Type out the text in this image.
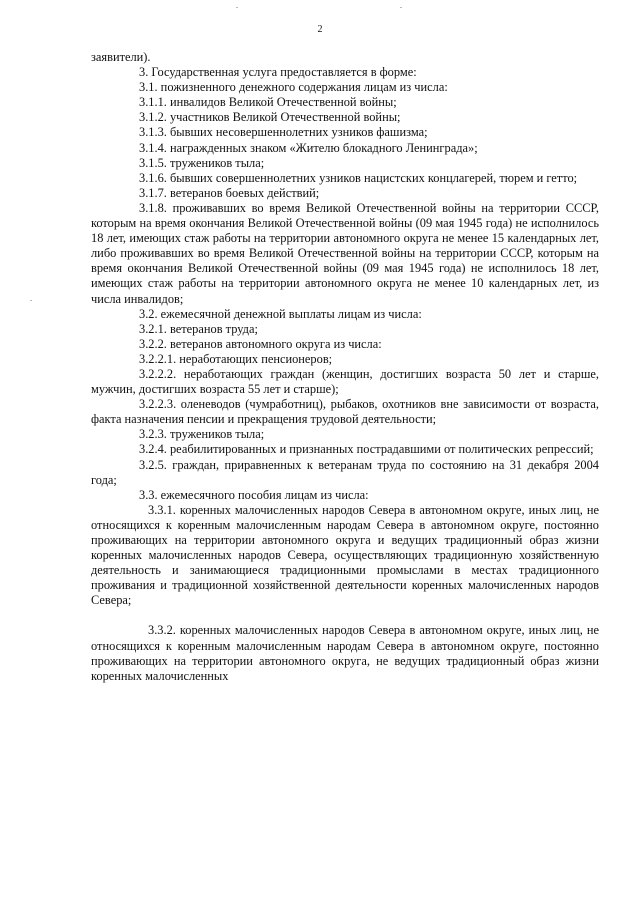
2

заявители).

3. Государственная услуга предоставляется в форме:

3.1. пожизненного денежного содержания лицам из числа:

3.1.1. инвалидов Великой Отечественной войны;

3.1.2. участников Великой Отечественной войны;

3.1.3. бывших несовершеннолетних узников фашизма;

3.1.4. награжденных знаком «Жителю блокадного Ленинграда»;

3.1.5. тружеников тыла;

3.1.6. бывших совершеннолетних узников нацистских концлагерей, тюрем и гетто;

3.1.7. ветеранов боевых действий;

3.1.8. проживавших во время Великой Отечественной войны на территории СССР, которым на время окончания Великой Отечественной войны (09 мая 1945 года) не исполнилось 18 лет, имеющих стаж работы на территории автономного округа не менее 15 календарных лет, либо проживавших во время Великой Отечественной войны на территории СССР, которым на время окончания Великой Отечественной войны (09 мая 1945 года) не исполнилось 18 лет, имеющих стаж работы на территории автономного округа не менее 10 календарных лет, из числа инвалидов;

3.2. ежемесячной денежной выплаты лицам из числа:

3.2.1. ветеранов труда;

3.2.2. ветеранов автономного округа из числа:

3.2.2.1. неработающих пенсионеров;

3.2.2.2. неработающих граждан (женщин, достигших возраста 50 лет и старше, мужчин, достигших возраста 55 лет и старше);

3.2.2.3. оленеводов (чумработниц), рыбаков, охотников вне зависимости от возраста, факта назначения пенсии и прекращения трудовой деятельности;

3.2.3. тружеников тыла;

3.2.4. реабилитированных и признанных пострадавшими от политических репрессий;

3.2.5. граждан, приравненных к ветеранам труда по состоянию на 31 декабря 2004 года;

3.3. ежемесячного пособия лицам из числа:

3.3.1. коренных малочисленных народов Севера в автономном округе, иных лиц, не относящихся к коренным малочисленным народам Севера в автономном округе, постоянно проживающих на территории автономного округа и ведущих традиционный образ жизни коренных малочисленных народов Севера, осуществляющих традиционную хозяйственную деятельность и занимающиеся традиционными промыслами в местах традиционного проживания и традиционной хозяйственной деятельности коренных малочисленных народов Севера;

3.3.2. коренных малочисленных народов Севера в автономном округе, иных лиц, не относящихся к коренным малочисленным народам Севера в автономном округе, постоянно проживающих на территории автономного округа, не ведущих традиционный образ жизни коренных малочисленных
